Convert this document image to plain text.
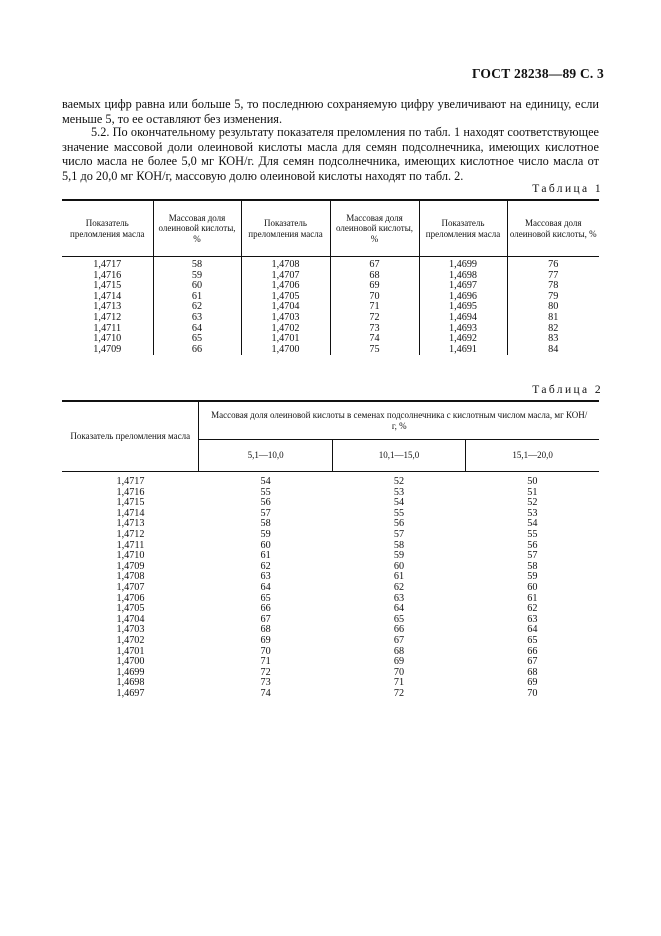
ГОСТ 28238—89 С. 3
ваемых цифр равна или больше 5, то последнюю сохраняемую цифру увеличивают на единицу, если меньше 5, то ее оставляют без изменения.
5.2. По окончательному результату показателя преломления по табл. 1 находят соответствующее значение массовой доли олеиновой кислоты масла для семян подсолнечника, имеющих кислотное число масла не более 5,0 мг КОН/г. Для семян подсолнечника, имеющих кислотное число масла от 5,1 до 20,0 мг КОН/г, массовую долю олеиновой кислоты находят по табл. 2.
Таблица 1
Показатель преломления масла	Массовая доля олеиновой кислоты, %	Показатель преломления масла	Массовая доля олеиновой кислоты, %	Показатель преломления масла	Массовая доля олеиновой кислоты, %
1,4717	58	1,4708	67	1,4699	76
1,4716	59	1,4707	68	1,4698	77
1,4715	60	1,4706	69	1,4697	78
1,4714	61	1,4705	70	1,4696	79
1,4713	62	1,4704	71	1,4695	80
1,4712	63	1,4703	72	1,4694	81
1,4711	64	1,4702	73	1,4693	82
1,4710	65	1,4701	74	1,4692	83
1,4709	66	1,4700	75	1,4691	84
Таблица 2
Показатель преломления масла	Массовая доля олеиновой кислоты в семенах подсолнечника с кислотным числом масла, мг КОН/г, %		
	5,1—10,0	10,1—15,0	15,1—20,0
1,4717	54	52	50
1,4716	55	53	51
1,4715	56	54	52
1,4714	57	55	53
1,4713	58	56	54
1,4712	59	57	55
1,4711	60	58	56
1,4710	61	59	57
1,4709	62	60	58
1,4708	63	61	59
1,4707	64	62	60
1,4706	65	63	61
1,4705	66	64	62
1,4704	67	65	63
1,4703	68	66	64
1,4702	69	67	65
1,4701	70	68	66
1,4700	71	69	67
1,4699	72	70	68
1,4698	73	71	69
1,4697	74	72	70
